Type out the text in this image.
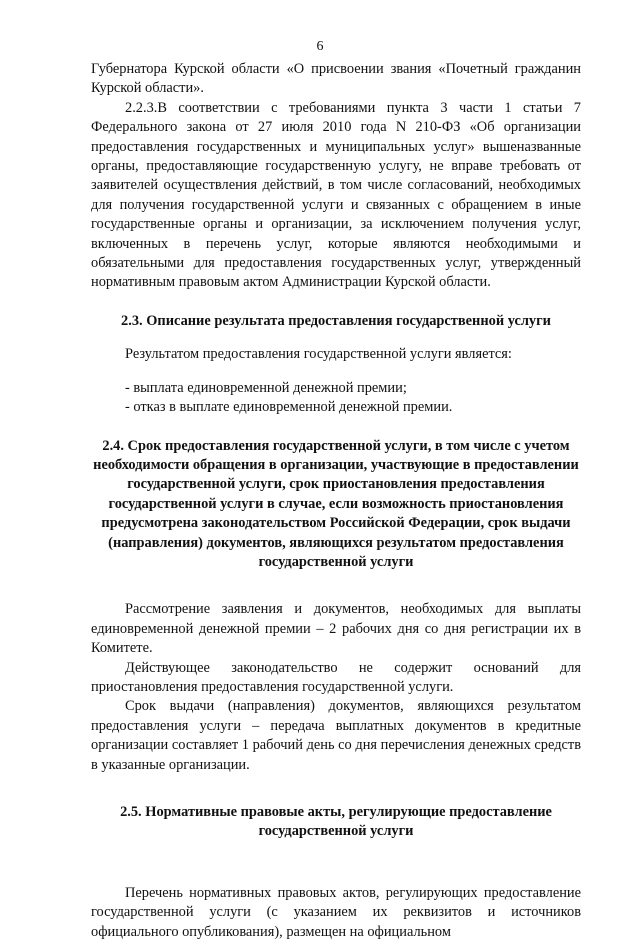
6

Губернатора Курской области «О присвоении звания «Почетный гражданин Курской области».

2.2.3.В соответствии с требованиями пункта 3 части 1 статьи 7 Федерального закона от 27 июля 2010 года N 210-ФЗ «Об организации предоставления государственных и муниципальных услуг» вышеназванные органы, предоставляющие государственную услугу, не вправе требовать от заявителей осуществления действий, в том числе согласований, необходимых для получения государственной услуги и связанных с обращением в иные государственные органы и организации, за исключением получения услуг, включенных в перечень услуг, которые являются необходимыми и обязательными для предоставления государственных услуг, утвержденный нормативным правовым актом Администрации Курской области.

2.3. Описание результата предоставления государственной услуги

Результатом предоставления государственной услуги является:

- выплата единовременной денежной премии;
- отказ в выплате единовременной денежной премии.
2.4. Срок предоставления государственной услуги, в том числе с учетом необходимости обращения в организации, участвующие в предоставлении государственной услуги, срок приостановления предоставления государственной услуги в случае, если возможность приостановления предусмотрена законодательством Российской Федерации, срок выдачи (направления) документов, являющихся результатом предоставления государственной услуги

Рассмотрение заявления и документов, необходимых для выплаты единовременной денежной премии – 2 рабочих дня со дня регистрации их в Комитете.

Действующее законодательство не содержит оснований для приостановления предоставления государственной услуги.

Срок выдачи (направления) документов, являющихся результатом предоставления услуги – передача выплатных документов в кредитные организации составляет 1 рабочий день со дня перечисления денежных средств в указанные организации.

2.5. Нормативные правовые акты, регулирующие предоставление государственной услуги

Перечень нормативных правовых актов, регулирующих предоставление государственной услуги (с указанием их реквизитов и источников официального опубликования), размещен на официальном
